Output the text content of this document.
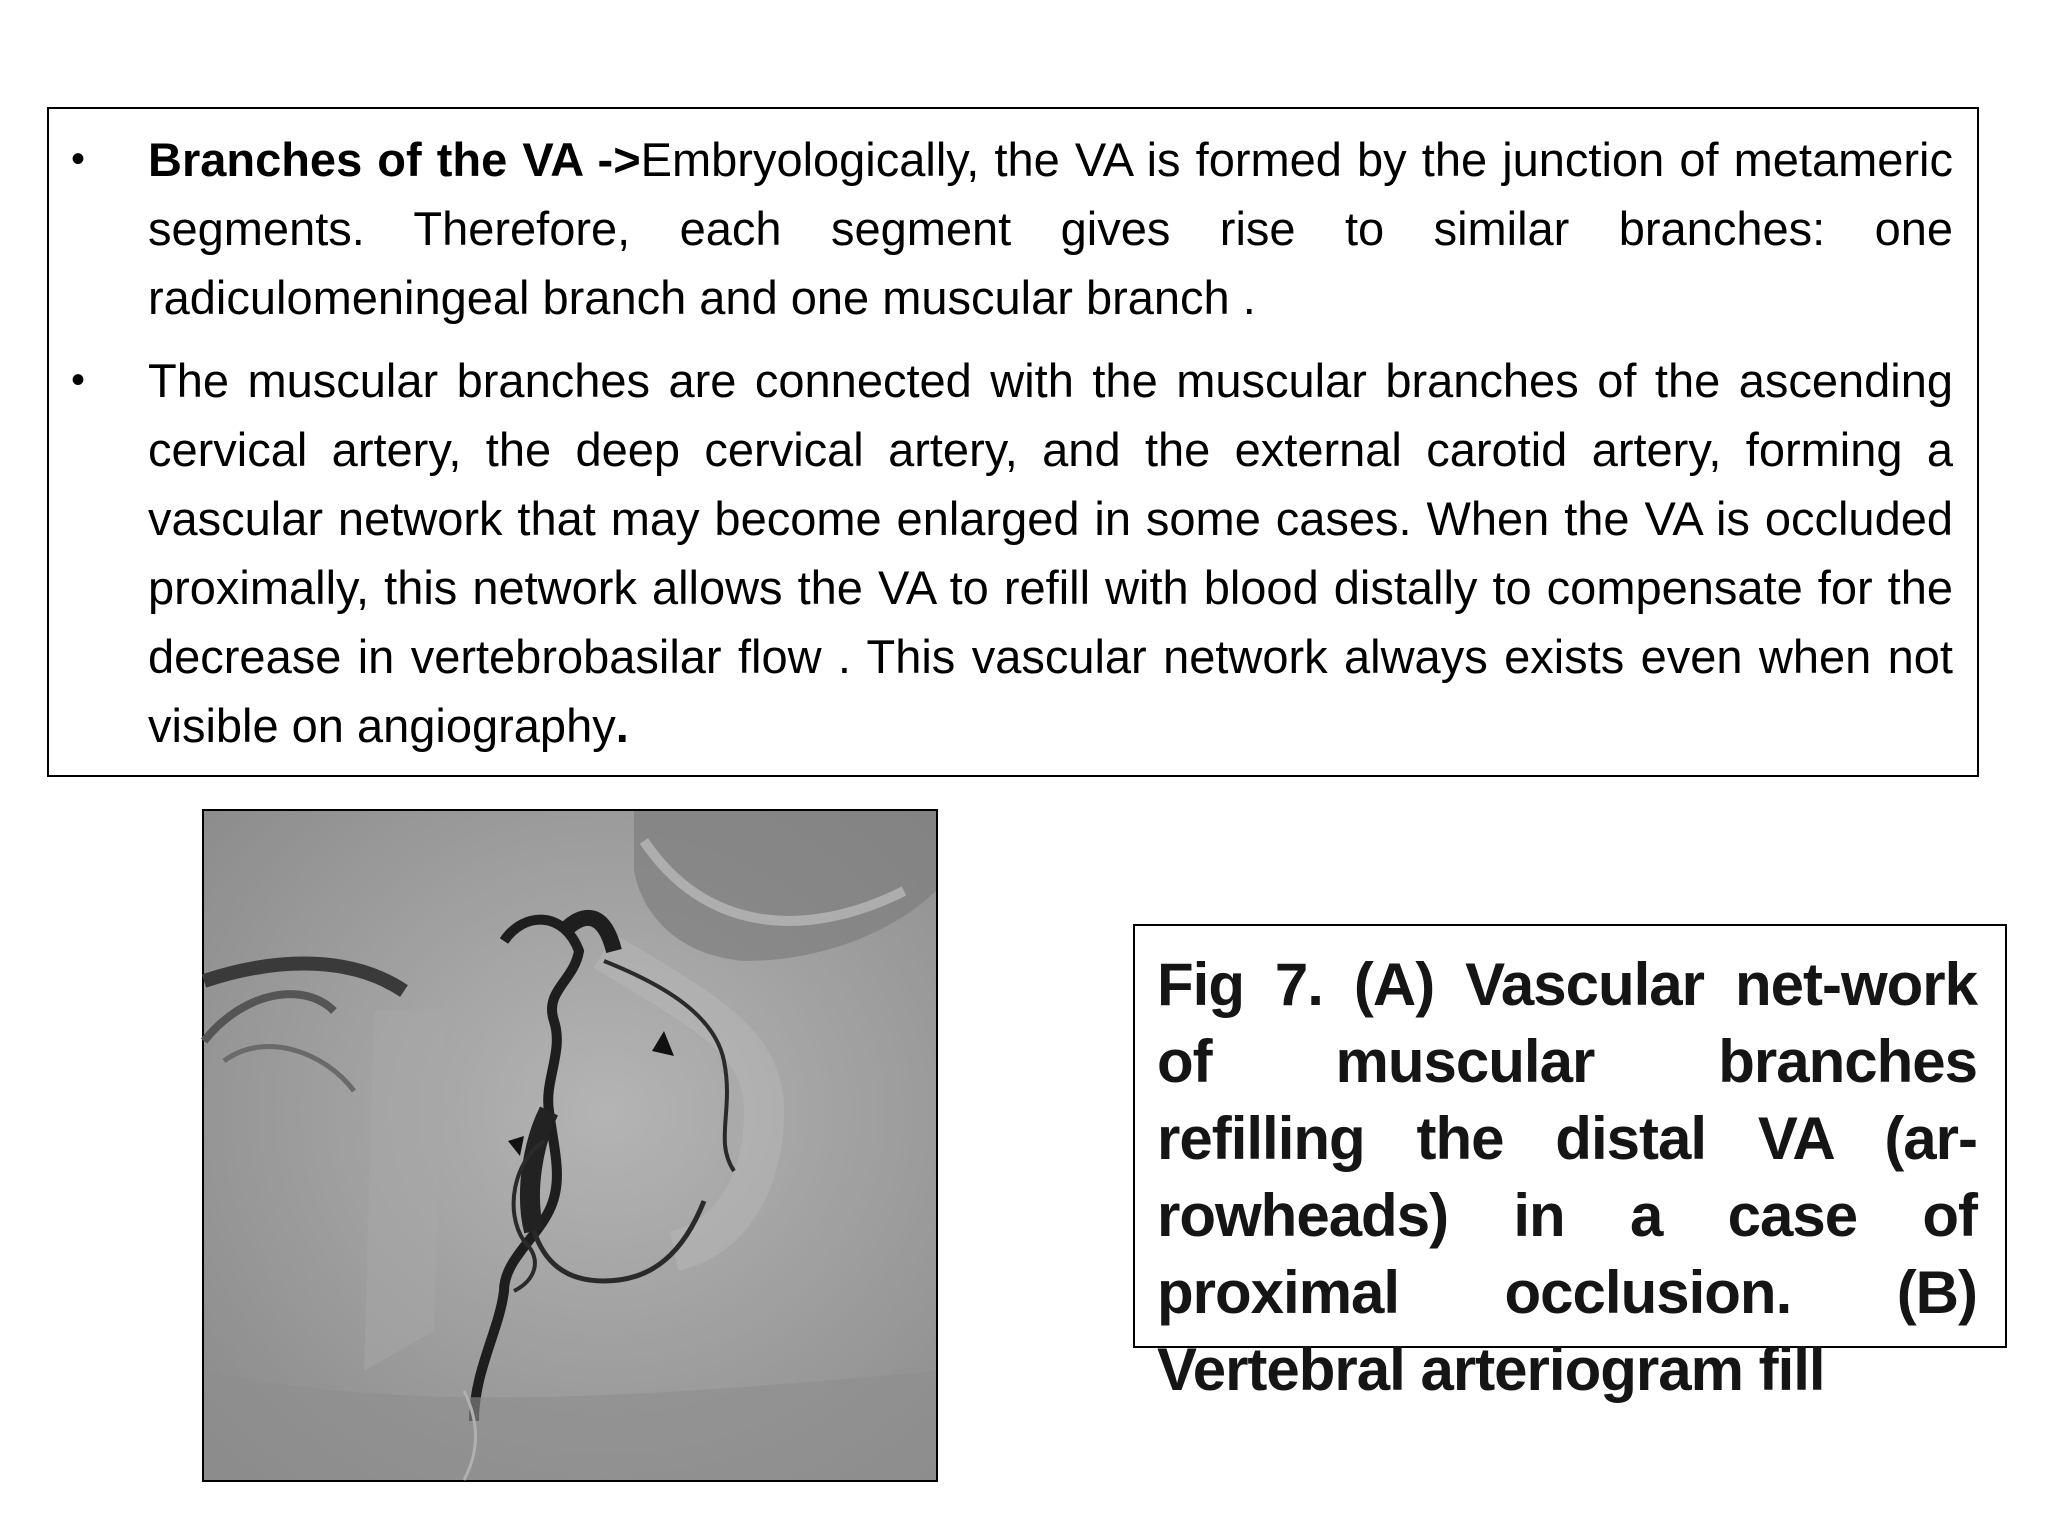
• Branches of the VA ->Embryologically, the VA is formed by the junction of metameric segments. Therefore, each segment gives rise to similar branches: one radiculomeningeal branch and one muscular branch .
• The muscular branches are connected with the muscular branches of the ascending cervical artery, the deep cervical artery, and the external carotid artery, forming a vascular network that may become enlarged in some cases. When the VA is occluded proximally, this network allows the VA to refill with blood distally to compensate for the decrease in vertebrobasilar flow . This vascular network always exists even when not visible on angiography.

Fig 7. (A) Vascular net-work of muscular branches refilling the distal VA (ar-rowheads) in a case of proximal occlusion. (B) Vertebral arteriogram fill
